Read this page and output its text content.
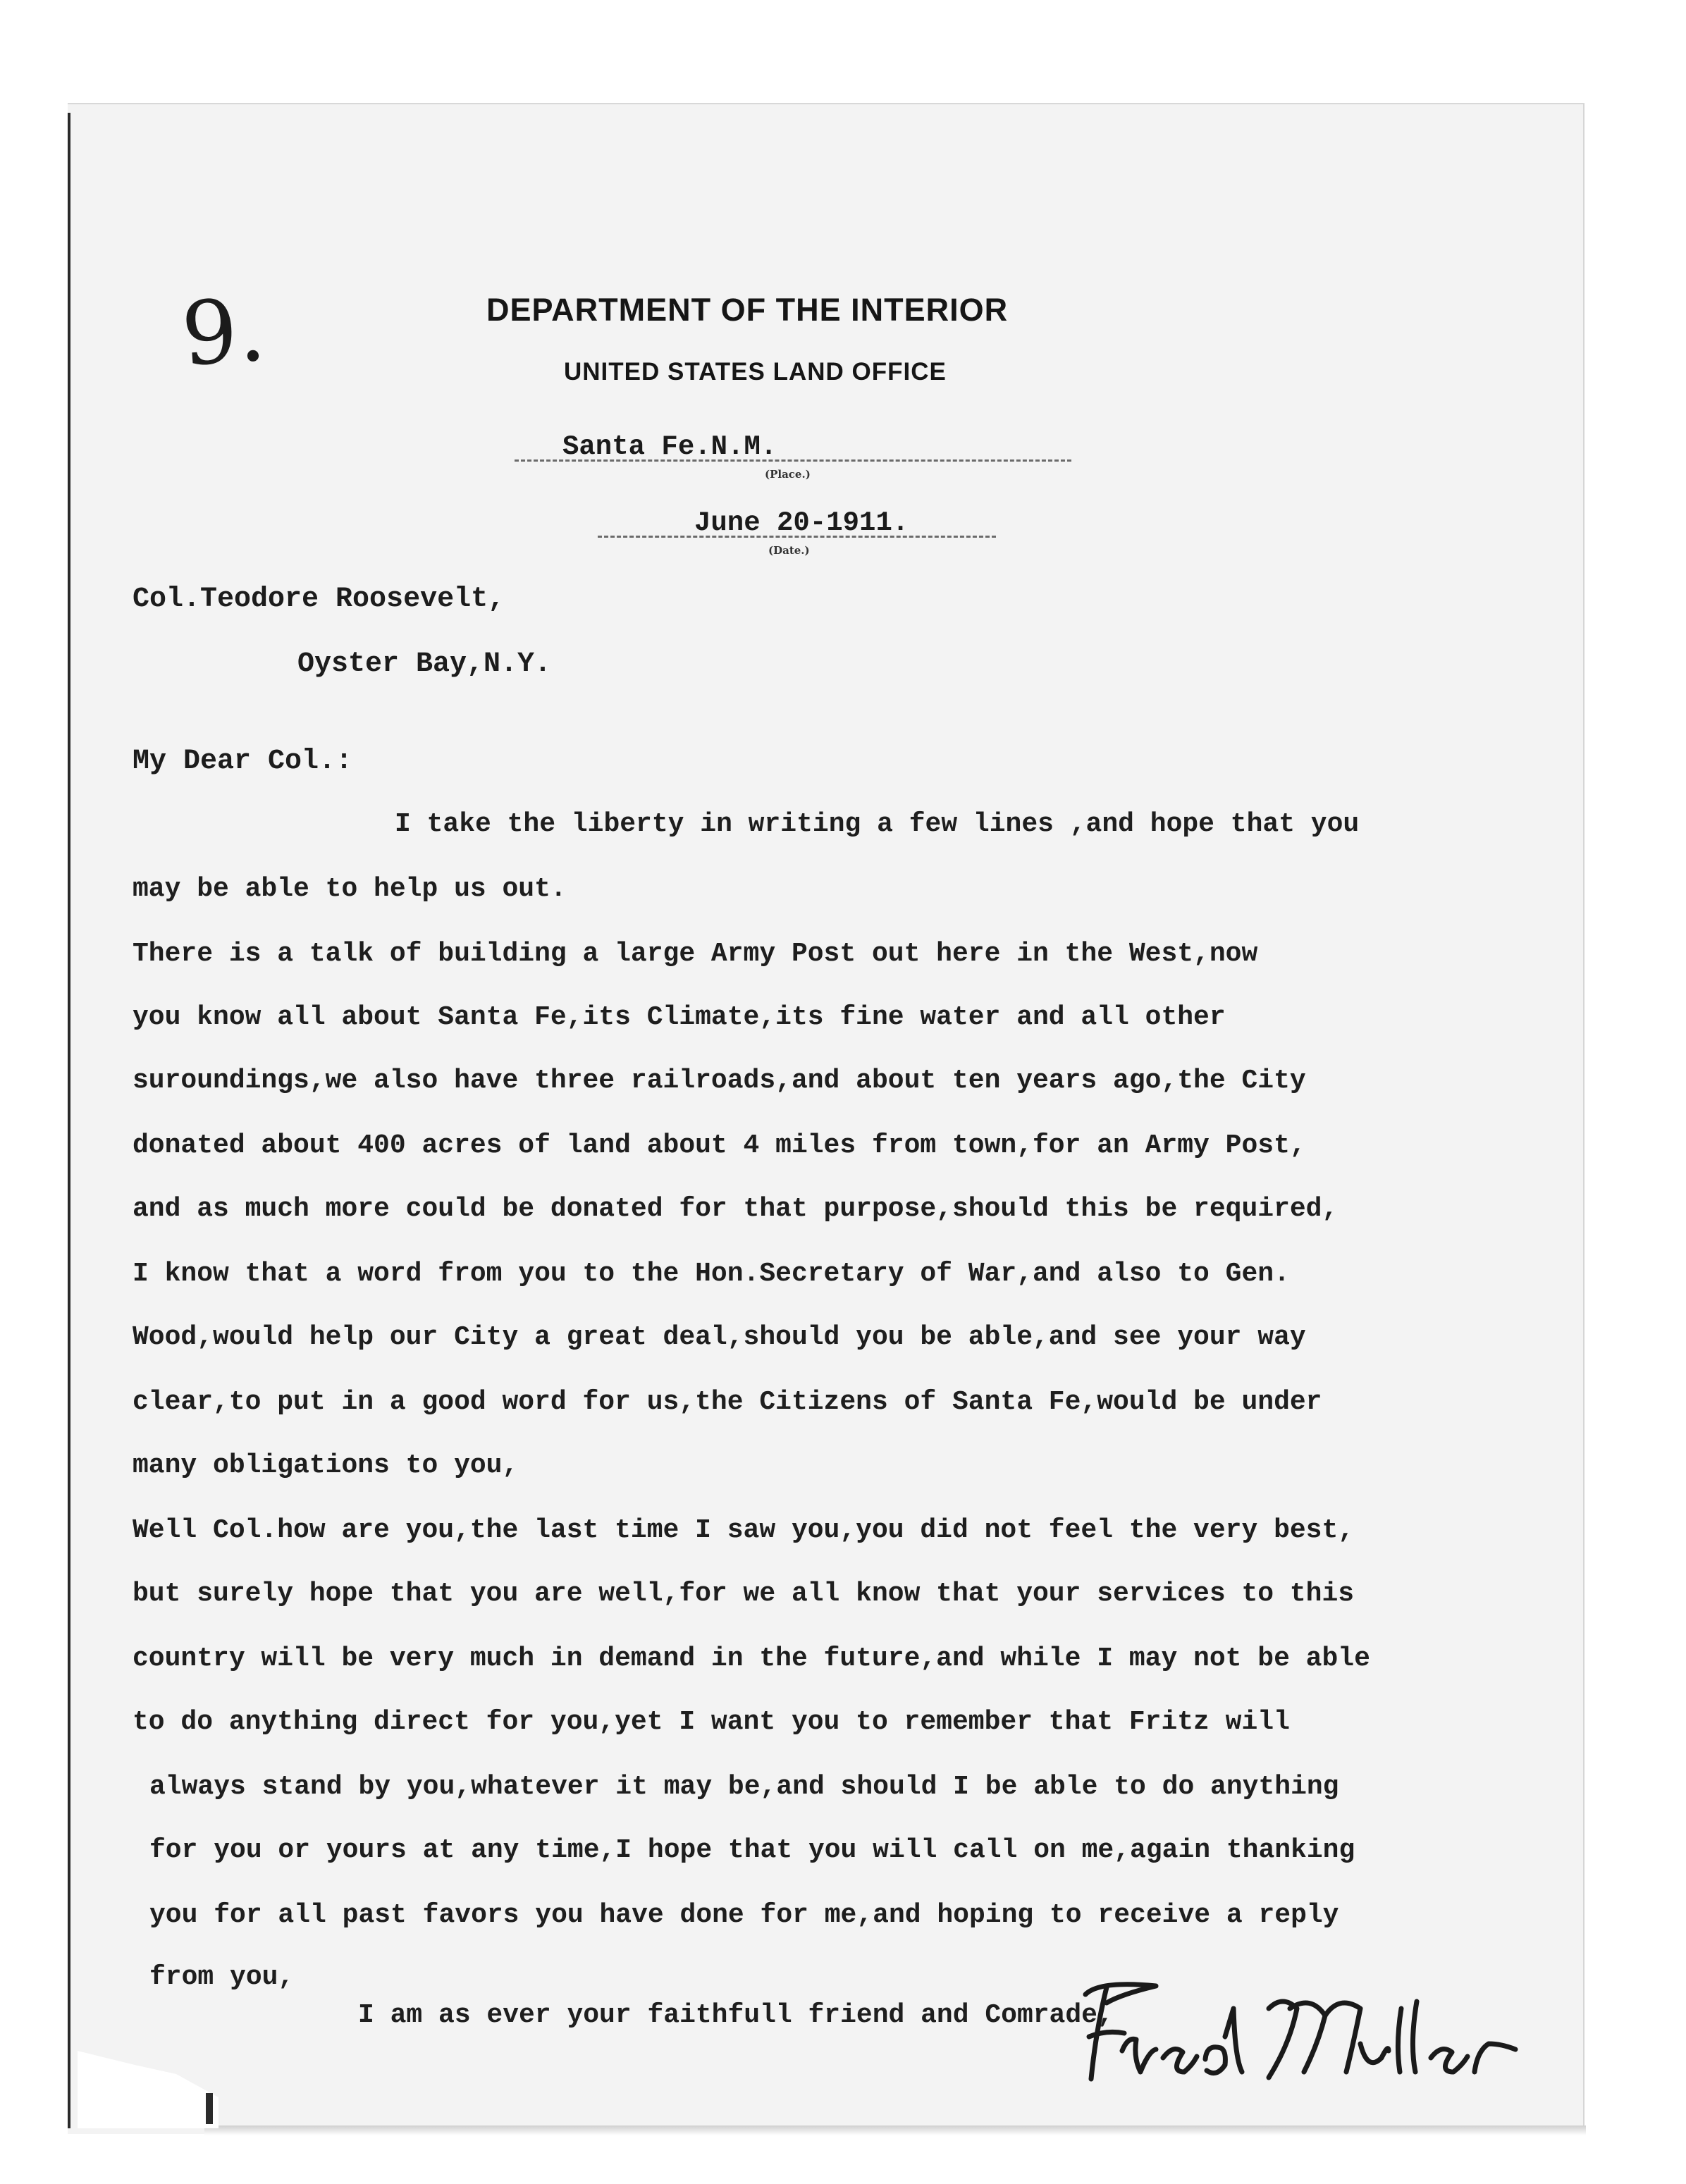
9.	DEPARTMENT OF THE INTERIOR
UNITED STATES LAND OFFICE
Santa Fe.N.M.
(Place.)
June 20-1911.
(Date.)
Col.Teodore Roosevelt,
Oyster Bay,N.Y.
My Dear Col.:
I take the liberty in writing a few lines ,and hope that you
may be able to help us out.
There is a talk of building a large Army Post out here in the West,now
you know all about Santa Fe,its Climate,its fine water and all other
suroundings,we also have three railroads,and about ten years ago,the City
donated about 400 acres of land about 4 miles from town,for an Army Post,
and as much more could be donated for that purpose,should this be required,
I know that a word from you to the Hon.Secretary of War,and also to Gen.
Wood,would help our City a great deal,should you be able,and see your way
clear,to put in a good word for us,the Citizens of Santa Fe,would be under
many obligations to you,
Well Col.how are you,the last time I saw you,you did not feel the very best,
but surely hope that you are well,for we all know that your services to this
country will be very much in demand in the future,and while I may not be able
to do anything direct for you,yet I want you to remember that Fritz will
always stand by you,whatever it may be,and should I be able to do anything
for you or yours at any time,I hope that you will call on me,again thanking
you for all past favors you have done for me,and hoping to receive a reply
from you,
I am as ever your faithfull friend and Comrade,
